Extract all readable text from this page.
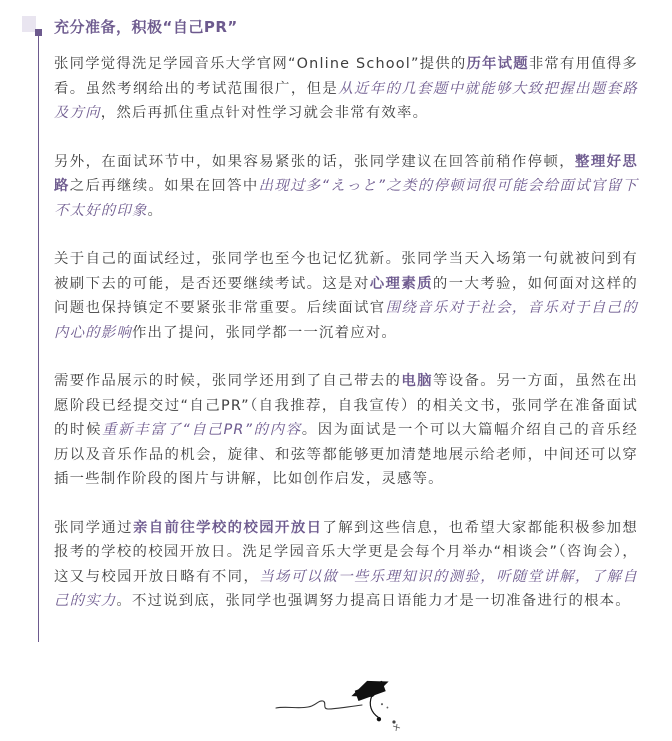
充分准备，积极“自己PR”

张同学觉得洗足学园音乐大学官网“Online School”提供的历年试题非常有用值得多看。虽然考纲给出的考试范围很广，但是从近年的几套题中就能够大致把握出题套路及方向，然后再抓住重点针对性学习就会非常有效率。

另外，在面试环节中，如果容易紧张的话，张同学建议在回答前稍作停顿，整理好思路之后再继续。如果在回答中出现过多“えっと”之类的停顿词很可能会给面试官留下不太好的印象。

关于自己的面试经过，张同学也至今也记忆犹新。张同学当天入场第一句就被问到有被刷下去的可能，是否还要继续考试。这是对心理素质的一大考验，如何面对这样的问题也保持镇定不要紧张非常重要。后续面试官围绕音乐对于社会，音乐对于自己的内心的影响作出了提问，张同学都一一沉着应对。

需要作品展示的时候，张同学还用到了自己带去的电脑等设备。另一方面，虽然在出愿阶段已经提交过“自己PR”（自我推荐，自我宣传）的相关文书，张同学在准备面试的时候重新丰富了“自己PR”的内容。因为面试是一个可以大篇幅介绍自己的音乐经历以及音乐作品的机会，旋律、和弦等都能够更加清楚地展示给老师，中间还可以穿插一些制作阶段的图片与讲解，比如创作启发，灵感等。

张同学通过亲自前往学校的校园开放日了解到这些信息，也希望大家都能积极参加想报考的学校的校园开放日。洗足学园音乐大学更是会每个月举办“相谈会”（咨询会），这又与校园开放日略有不同，当场可以做一些乐理知识的测验，听随堂讲解，了解自己的实力。不过说到底，张同学也强调努力提高日语能力才是一切准备进行的根本。
